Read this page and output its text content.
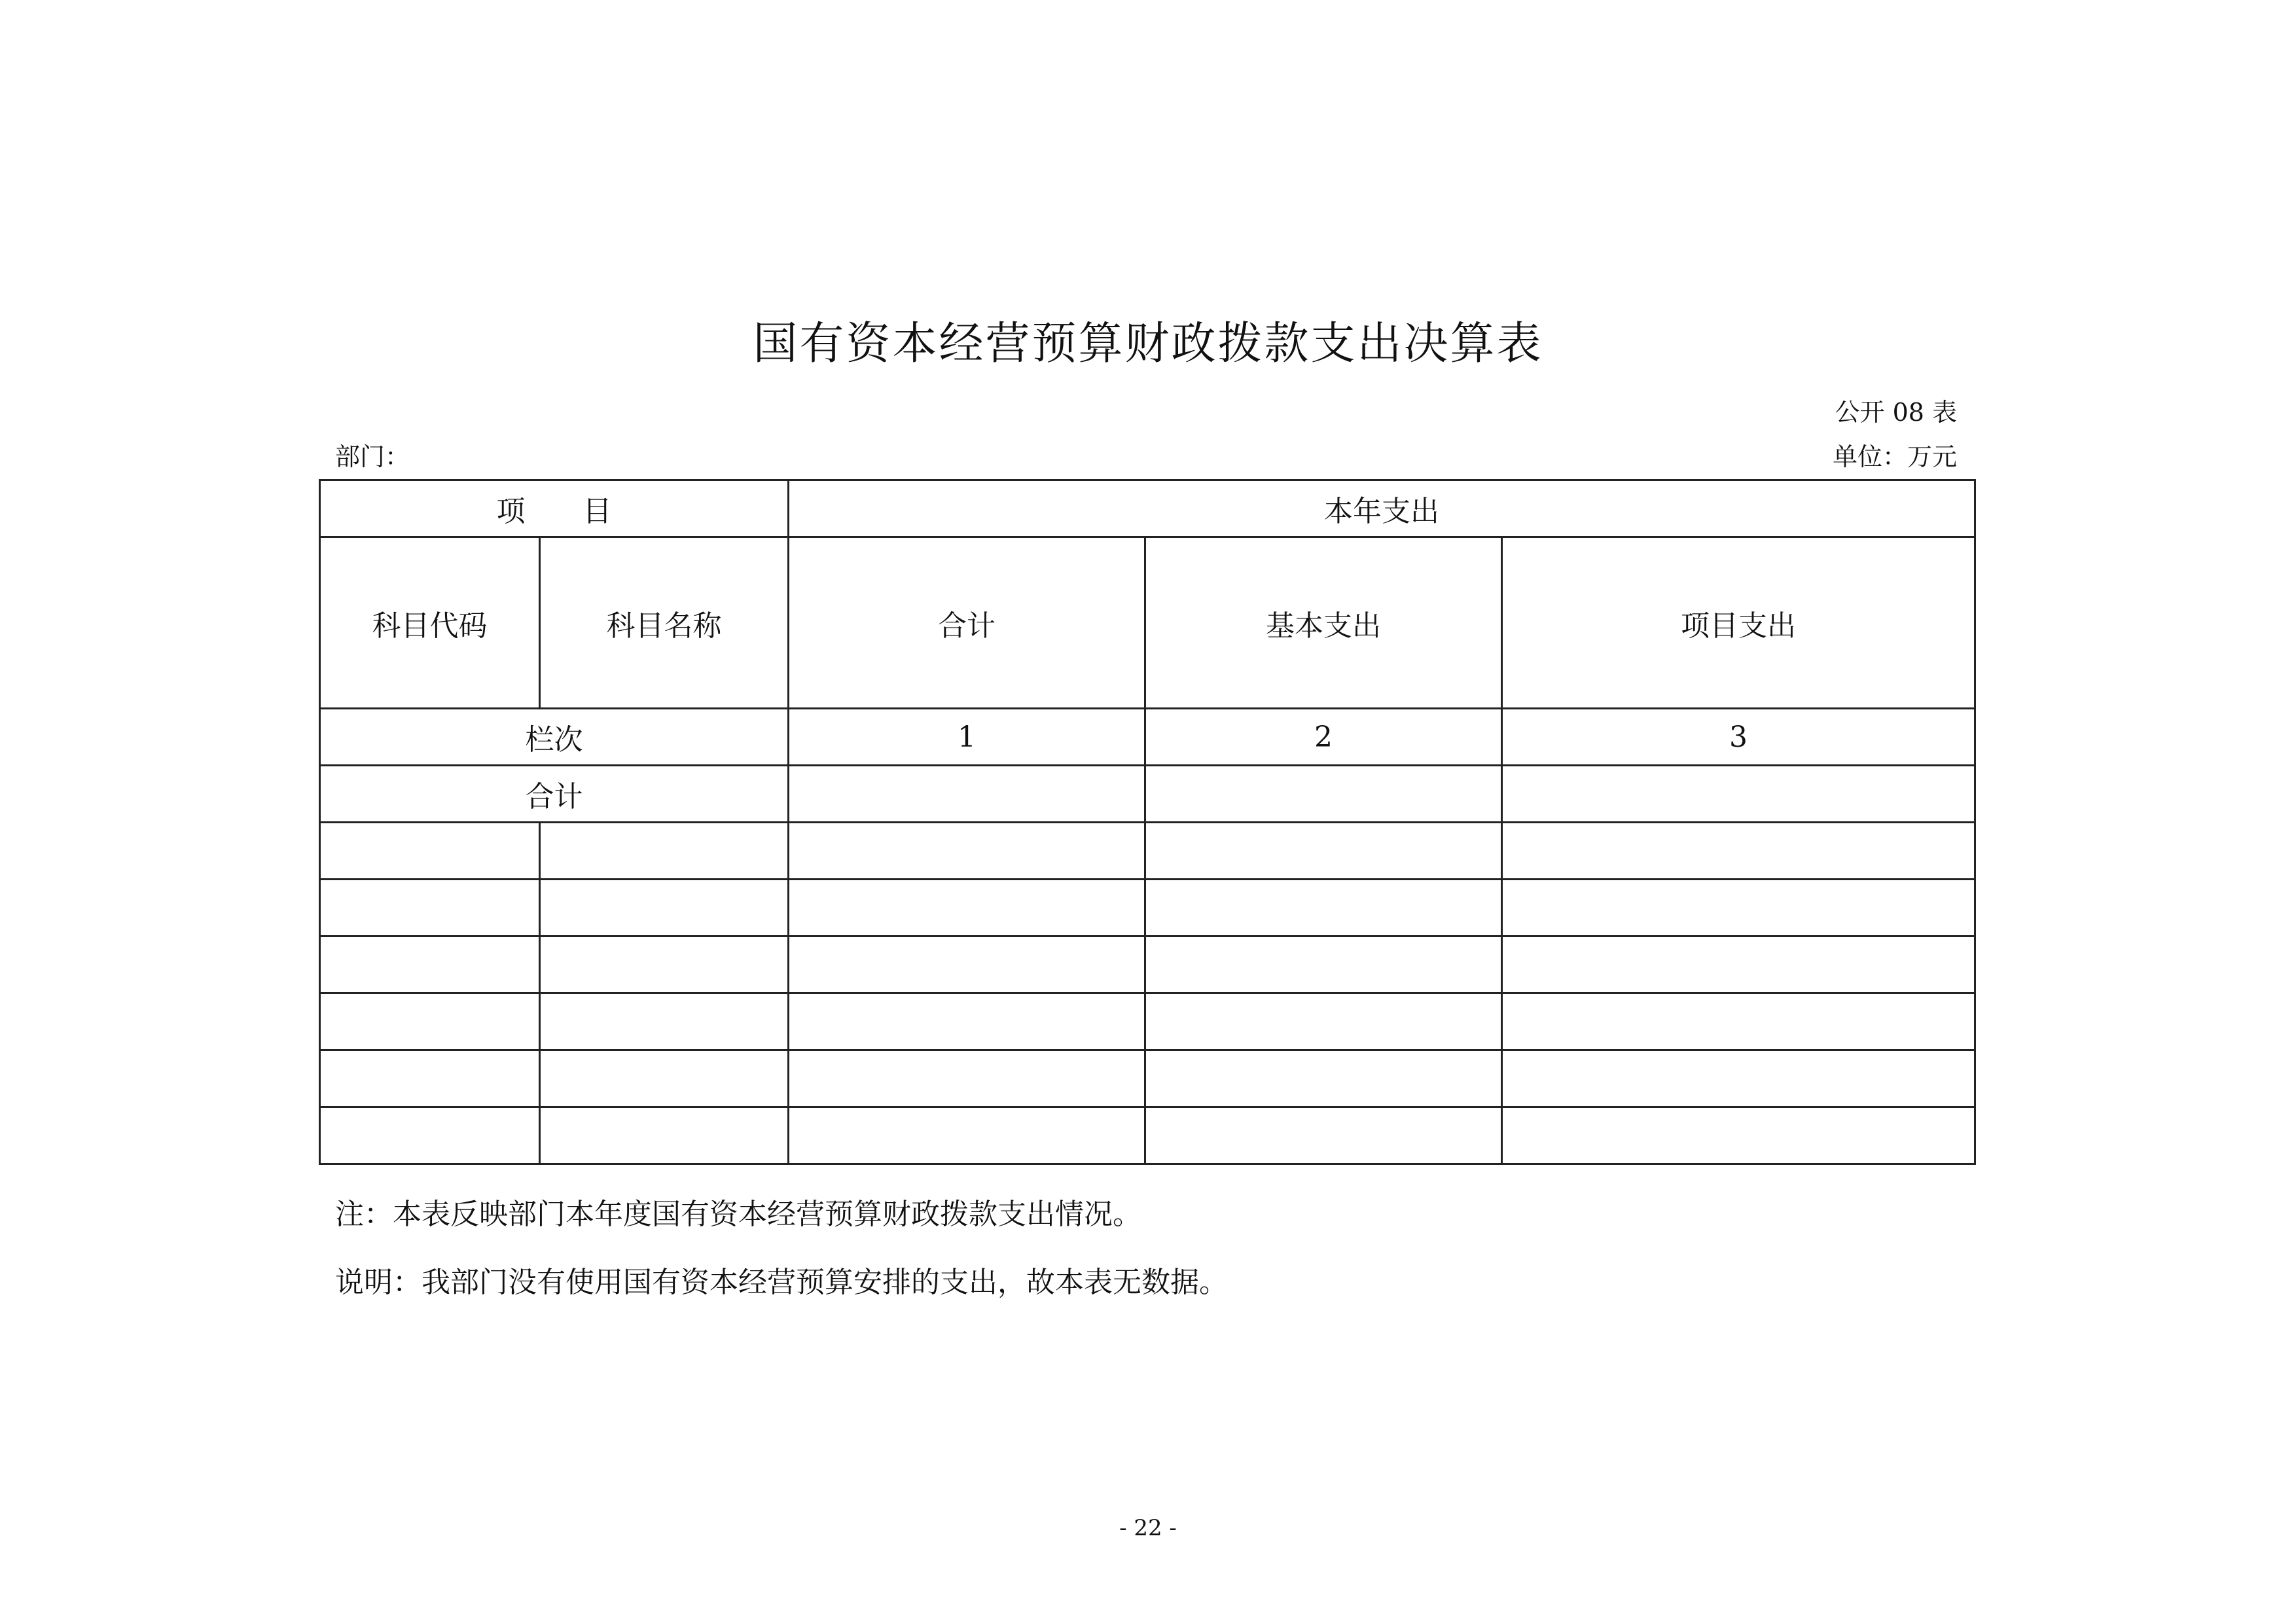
国有资本经营预算财政拨款支出决算表
公开 08 表
部门：	单位：万元
项　　目		本年支出		
科目代码	科目名称	合计	基本支出	项目支出
栏次		1	2	3
合计				

注：本表反映部门本年度国有资本经营预算财政拨款支出情况。
说明：我部门没有使用国有资本经营预算安排的支出，故本表无数据。
- 22 -
